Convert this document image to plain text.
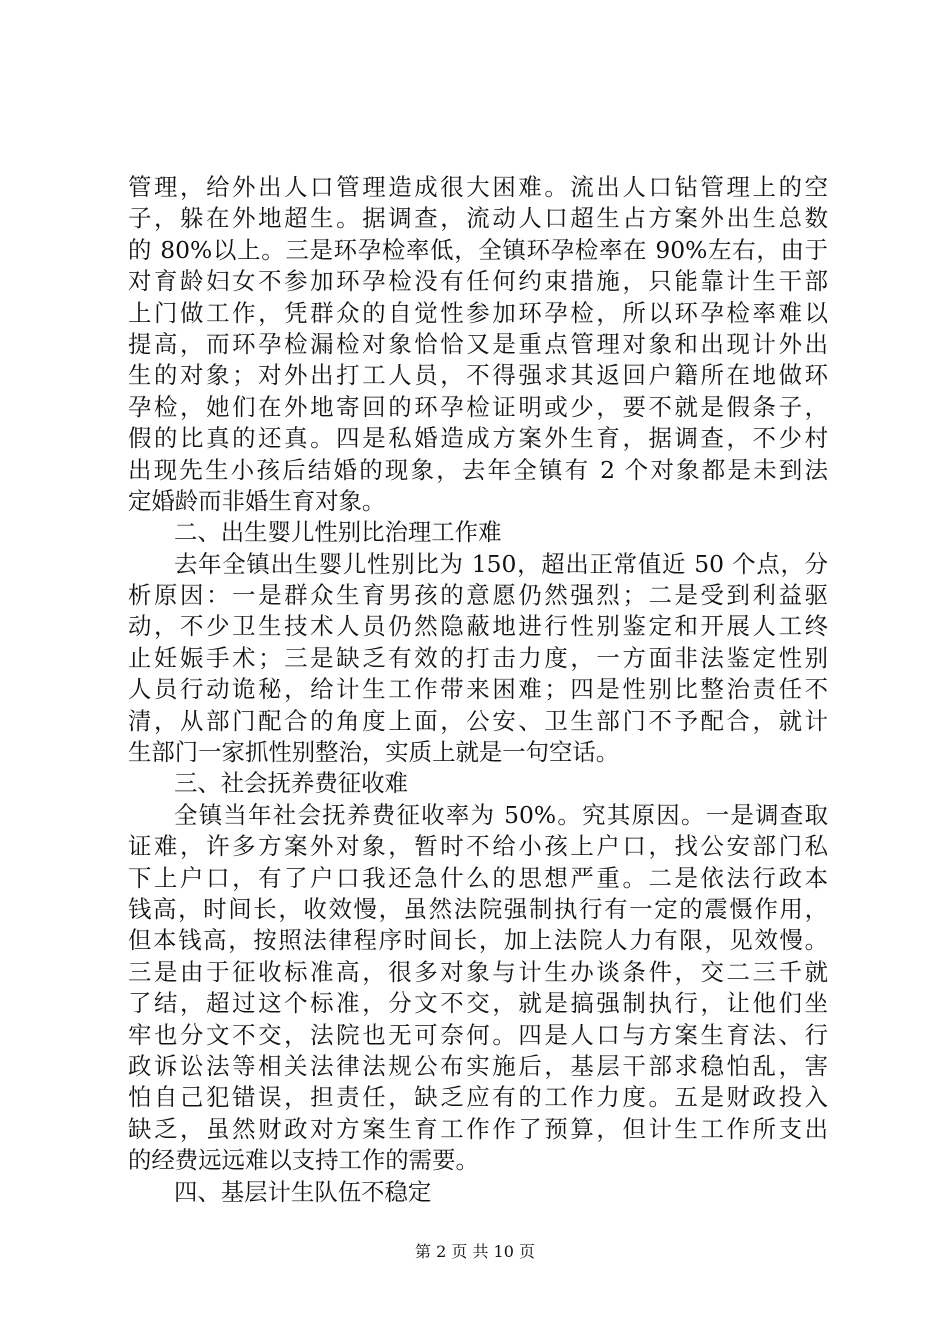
管理，给外出人口管理造成很大困难。流出人口钻管理上的空
子，躲在外地超生。据调查，流动人口超生占方案外出生总数
的 80%以上。三是环孕检率低，全镇环孕检率在 90%左右，由于
对育龄妇女不参加环孕检没有任何约束措施，只能靠计生干部
上门做工作，凭群众的自觉性参加环孕检，所以环孕检率难以
提高，而环孕检漏检对象恰恰又是重点管理对象和出现计外出
生的对象；对外出打工人员，不得强求其返回户籍所在地做环
孕检，她们在外地寄回的环孕检证明或少，要不就是假条子，
假的比真的还真。四是私婚造成方案外生育，据调查，不少村
出现先生小孩后结婚的现象，去年全镇有 2 个对象都是未到法
定婚龄而非婚生育对象。
二、出生婴儿性别比治理工作难
去年全镇出生婴儿性别比为 150，超出正常值近 50 个点，分
析原因：一是群众生育男孩的意愿仍然强烈；二是受到利益驱
动，不少卫生技术人员仍然隐蔽地进行性别鉴定和开展人工终
止妊娠手术；三是缺乏有效的打击力度，一方面非法鉴定性别
人员行动诡秘，给计生工作带来困难；四是性别比整治责任不
清，从部门配合的角度上面，公安、卫生部门不予配合，就计
生部门一家抓性别整治，实质上就是一句空话。
三、社会抚养费征收难
全镇当年社会抚养费征收率为 50%。究其原因。一是调查取
证难，许多方案外对象，暂时不给小孩上户口，找公安部门私
下上户口，有了户口我还急什么的思想严重。二是依法行政本
钱高，时间长，收效慢，虽然法院强制执行有一定的震慑作用，
但本钱高，按照法律程序时间长，加上法院人力有限，见效慢。
三是由于征收标准高，很多对象与计生办谈条件，交二三千就
了结，超过这个标准，分文不交，就是搞强制执行，让他们坐
牢也分文不交，法院也无可奈何。四是人口与方案生育法、行
政诉讼法等相关法律法规公布实施后，基层干部求稳怕乱，害
怕自己犯错误，担责任，缺乏应有的工作力度。五是财政投入
缺乏，虽然财政对方案生育工作作了预算，但计生工作所支出
的经费远远难以支持工作的需要。
四、基层计生队伍不稳定
第 2 页 共 10 页
